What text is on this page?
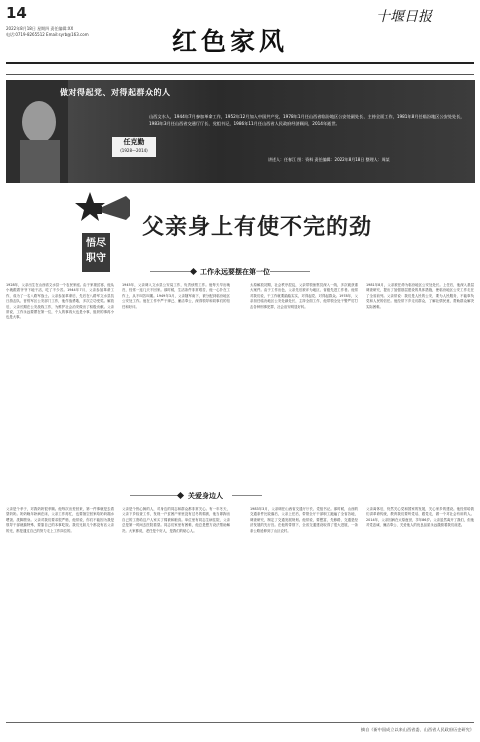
14
2022年8月18日 星期四 责任编辑:XX
电话:0719-8265512 Email:syrb@163.com	红色家风
十堰日报
做对得起党、对得起群众的人
山西文水人，1944年7月参加革命工作，1952年12月加入中国共产党，1978年1月任山西省临汾地区公安处副处长、主持全面工作，1981年8月任临汾地区公安处处长，1983年3月任山西省交通厅厅长、党组书记，1986年11月任山西省人民政府经济顾问，2014年逝世。
讲述人：任春江 图：资料 责任编辑：2022年8月18日 整理人：周某
任克勤
(1928—2014)
悟尽
职守
父亲身上有使不完的劲
工作永远要摆在第一位
1928年，父亲出生在山西省文水县一个农民家庭。由于家境贫寒，他从小就跟着爷爷下地干活，吃了不少苦。1944年7月，父亲参加革命工作，成为了一名八路军战士。父亲参加革命后，先后在八路军文水县抗日游击队、晋绥军区公安部门工作，他作战勇敢，多次立功受奖。解放后，父亲长期在公安战线工作，为维护社会治安做出了积极贡献。父亲常说，工作永远要摆在第一位，个人的事再大也是小事，组织的事再小也是大事。
1945年，父亲调入文水县公安局工作，负责侦察工作。他每天早出晚归，经常一连几天不回家。那时候，生活条件非常艰苦，他一心扑在工作上，从不叫苦叫累。1949年3月，父亲随军南下，被分配到临汾地区公安处工作。他在工作中严于律己、廉洁奉公，深得领导和同事们的信任和好评。
太原解放初期，社会秩序混乱，父亲带领侦察员深入一线，多次破获重大案件。由于工作出色，父亲先后被评为地区、省级先进工作者。他常对我们说，干工作就要踏踏实实，对得起党、对得起群众。1978年，父亲担任临汾地区公安处副处长，主持全面工作，他带领全处干警严厉打击各种刑事犯罪，社会治安明显好转。
1981年8月，父亲被任命为临汾地区公安处处长。上任后，他深入基层调查研究，提出了加强基层建设的具体措施，使临汾地区公安工作走在了全省前列。父亲常说：我们是人民的公安，要为人民服务，不能辜负党和人民的信任。他经常下乡走访群众，了解社情民意，帮助群众解决实际困难。
关爱身边人
父亲是个孝子，对我奶奶很孝顺。他每次出差回来，第一件事就是去看望奶奶。奶奶晚年卧病在床，父亲工作再忙，也要抽空回家给奶奶端水喂饭、洗脚擦身。父亲对我们要求很严格，他常说，你们不能因为我是领导干部就搞特殊，要靠自己的本事吃饭。我们兄妹几个都没有沾父亲的光，都是通过自己的努力走上工作岗位的。
父亲是个热心肠的人，对身边的同志和群众都非常关心。有一年冬天，父亲下乡检查工作，发现一户贫困户家里没有过冬的棉被，他当即掏出自己的工资给这户人家买了棉被和粮食。单位里有同志生病住院，父亲总是第一时间去医院看望。同志们家里有困难，他总是想方设法帮助解决。大家都说，老任是个好人，是我们的贴心人。
1983年3月，父亲调任山西省交通厅厅长、党组书记。那时候，山西的交通条件比较落后，父亲上任后，带领全厅干部职工跑遍了全省各地，调查研究，制定了交通发展规划。他常说，要想富，先修路，交通是经济发展的先行官。在他的带领下，全省交通建设取得了很大进展，一条条公路延伸到了山区农村。
父亲离休后，仍然关心党和国家的发展，关心家乡的建设。他经常给我们讲革命传统，教育我们要听党话、跟党走，做一个对社会有用的人。2014年，父亲因病在太原逝世，享年86岁。父亲虽然离开了我们，但他对党忠诚、廉洁奉公、关爱他人的优良品质永远激励着我们前进。
摘自《新中国成立以来山西省委、山西省人民政府历史研究》
